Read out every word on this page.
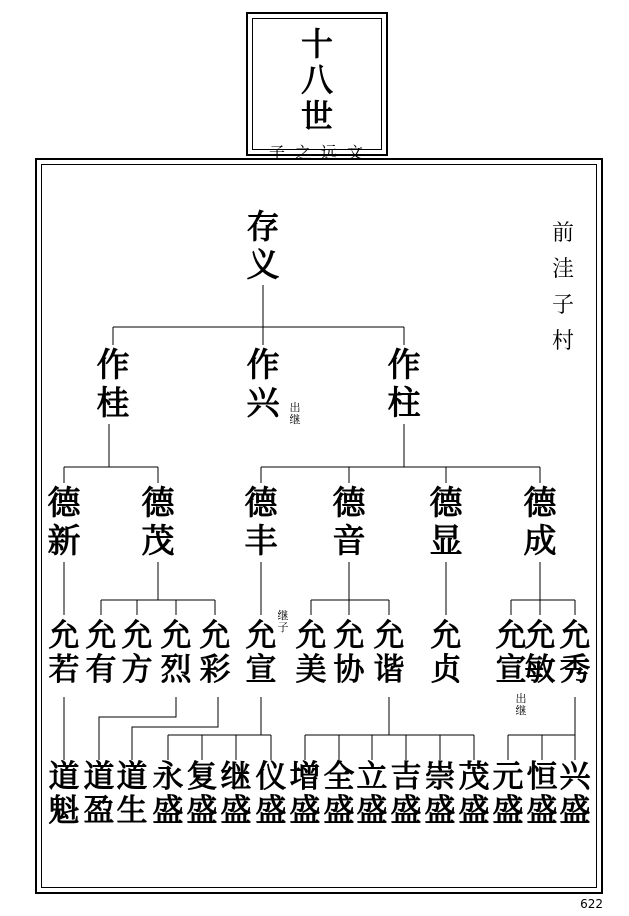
十
八
世
子之远文
存
义
作
桂
作
兴 出
继
作
柱
德
新
德
茂
德
丰
德
音
德
显
德
成
允
若
允
有
允
方
允
烈
允
彩
继
子
允
宣
允
美
允
协
允
谐
允
贞
允
宣
出
继
允
敏
允
秀
道
魁
道
盈
道
生
永
盛
复
盛
继
盛
仪
盛
增
盛
全
盛
立
盛
吉
盛
崇
盛
茂
盛
元
盛
恒
盛
兴
盛
前
洼
子
村
622
